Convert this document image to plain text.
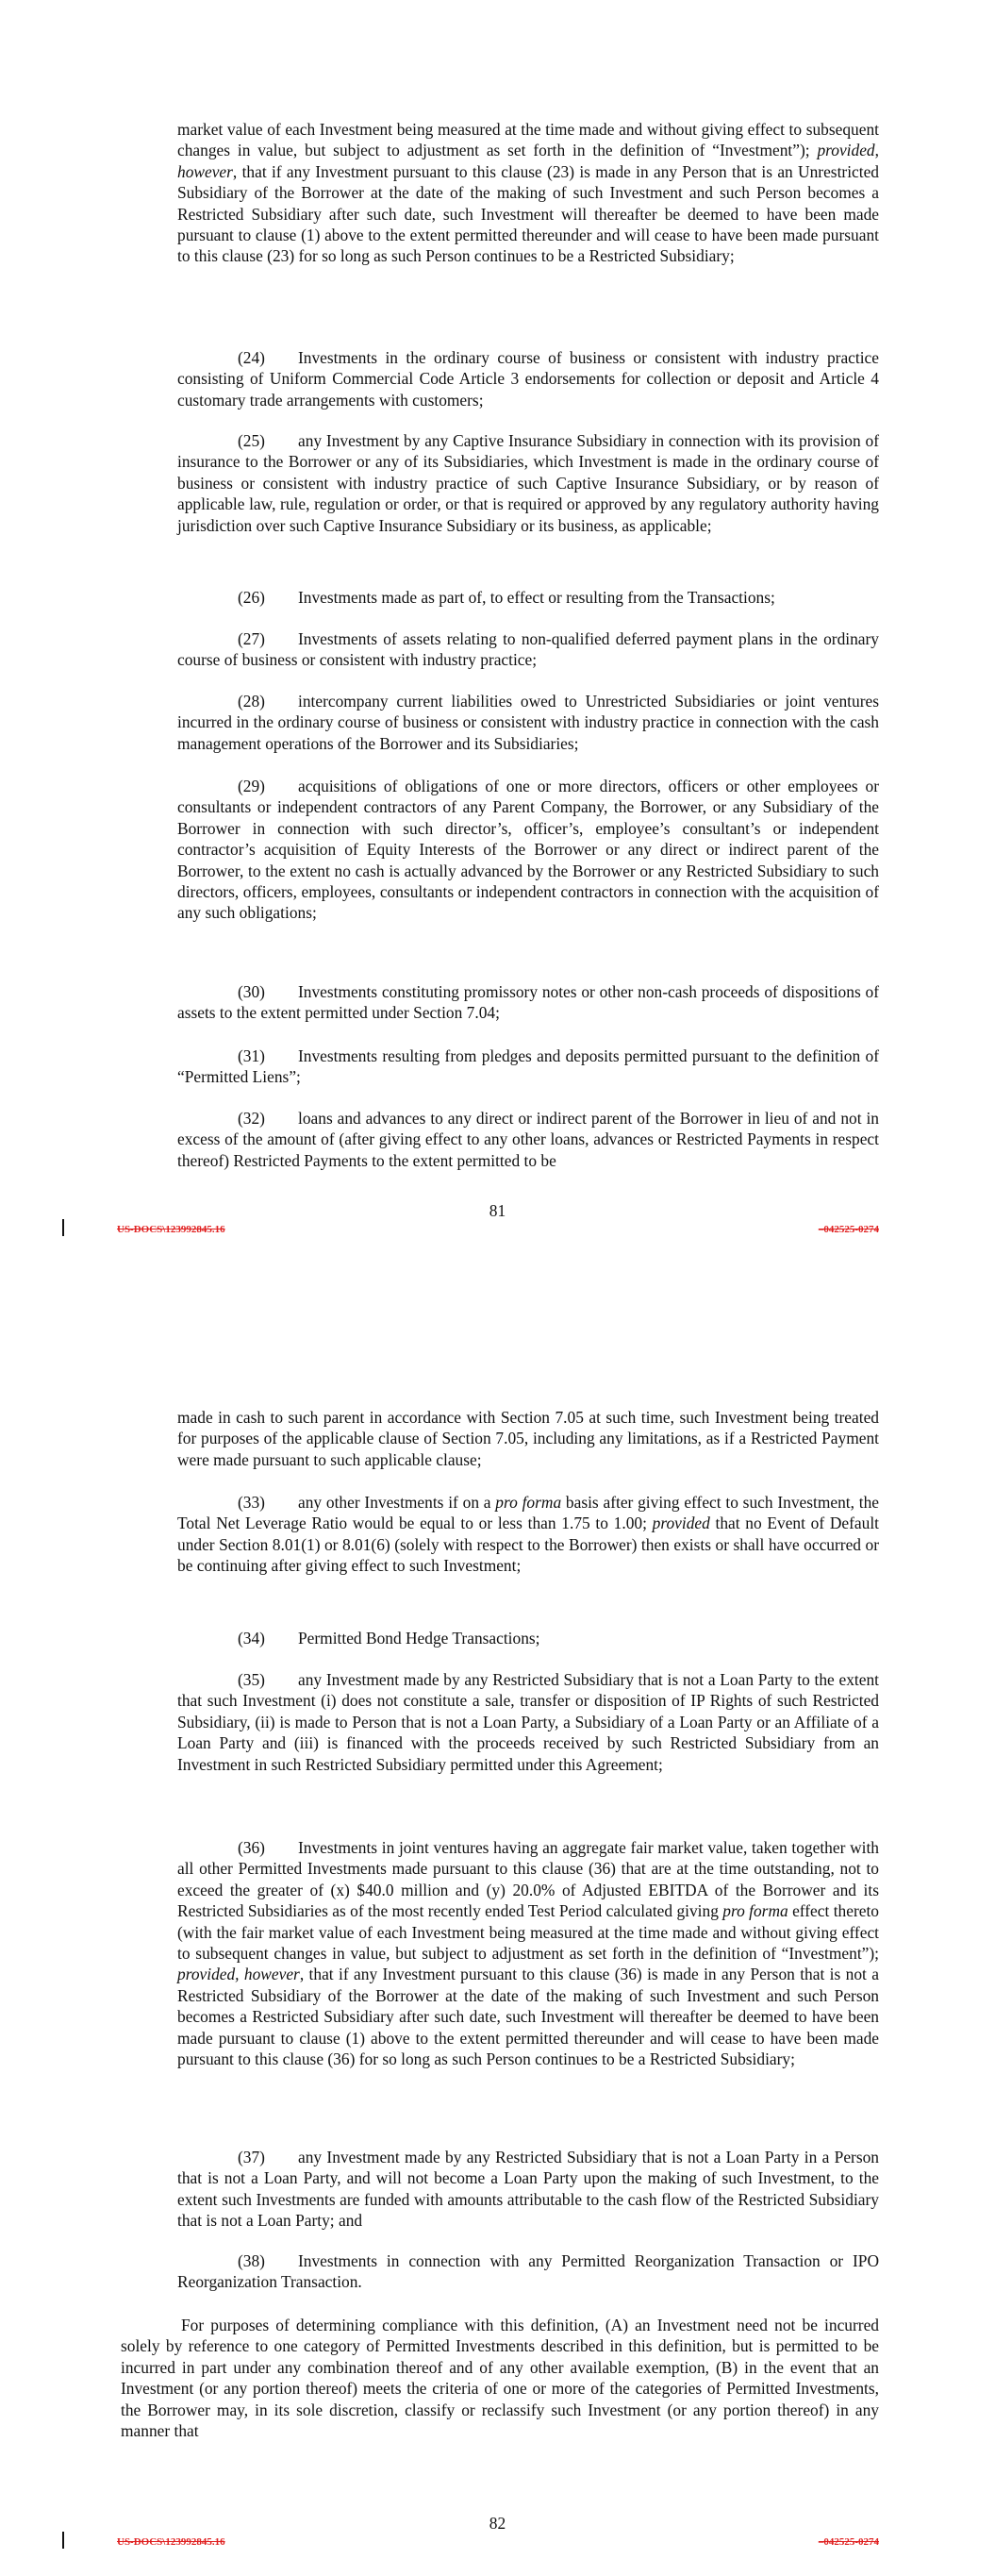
market value of each Investment being measured at the time made and without giving effect to subsequent changes in value, but subject to adjustment as set forth in the definition of “Investment”); provided, however, that if any Investment pursuant to this clause (23) is made in any Person that is an Unrestricted Subsidiary of the Borrower at the date of the making of such Investment and such Person becomes a Restricted Subsidiary after such date, such Investment will thereafter be deemed to have been made pursuant to clause (1) above to the extent permitted thereunder and will cease to have been made pursuant to this clause (23) for so long as such Person continues to be a Restricted Subsidiary;

(24) Investments in the ordinary course of business or consistent with industry practice consisting of Uniform Commercial Code Article 3 endorsements for collection or deposit and Article 4 customary trade arrangements with customers;

(25) any Investment by any Captive Insurance Subsidiary in connection with its provision of insurance to the Borrower or any of its Subsidiaries, which Investment is made in the ordinary course of business or consistent with industry practice of such Captive Insurance Subsidiary, or by reason of applicable law, rule, regulation or order, or that is required or approved by any regulatory authority having jurisdiction over such Captive Insurance Subsidiary or its business, as applicable;

(26) Investments made as part of, to effect or resulting from the Transactions;

(27) Investments of assets relating to non-qualified deferred payment plans in the ordinary course of business or consistent with industry practice;

(28) intercompany current liabilities owed to Unrestricted Subsidiaries or joint ventures incurred in the ordinary course of business or consistent with industry practice in connection with the cash management operations of the Borrower and its Subsidiaries;

(29) acquisitions of obligations of one or more directors, officers or other employees or consultants or independent contractors of any Parent Company, the Borrower, or any Subsidiary of the Borrower in connection with such director’s, officer’s, employee’s consultant’s or independent contractor’s acquisition of Equity Interests of the Borrower or any direct or indirect parent of the Borrower, to the extent no cash is actually advanced by the Borrower or any Restricted Subsidiary to such directors, officers, employees, consultants or independent contractors in connection with the acquisition of any such obligations;

(30) Investments constituting promissory notes or other non-cash proceeds of dispositions of assets to the extent permitted under Section 7.04;

(31) Investments resulting from pledges and deposits permitted pursuant to the definition of “Permitted Liens”;

(32) loans and advances to any direct or indirect parent of the Borrower in lieu of and not in excess of the amount of (after giving effect to any other loans, advances or Restricted Payments in respect thereof) Restricted Payments to the extent permitted to be

81
US-DOCS\123992845.16	–042525-0274

made in cash to such parent in accordance with Section 7.05 at such time, such Investment being treated for purposes of the applicable clause of Section 7.05, including any limitations, as if a Restricted Payment were made pursuant to such applicable clause;

(33) any other Investments if on a pro forma basis after giving effect to such Investment, the Total Net Leverage Ratio would be equal to or less than 1.75 to 1.00; provided that no Event of Default under Section 8.01(1) or 8.01(6) (solely with respect to the Borrower) then exists or shall have occurred or be continuing after giving effect to such Investment;

(34) Permitted Bond Hedge Transactions;

(35) any Investment made by any Restricted Subsidiary that is not a Loan Party to the extent that such Investment (i) does not constitute a sale, transfer or disposition of IP Rights of such Restricted Subsidiary, (ii) is made to Person that is not a Loan Party, a Subsidiary of a Loan Party or an Affiliate of a Loan Party and (iii) is financed with the proceeds received by such Restricted Subsidiary from an Investment in such Restricted Subsidiary permitted under this Agreement;

(36) Investments in joint ventures having an aggregate fair market value, taken together with all other Permitted Investments made pursuant to this clause (36) that are at the time outstanding, not to exceed the greater of (x) $40.0 million and (y) 20.0% of Adjusted EBITDA of the Borrower and its Restricted Subsidiaries as of the most recently ended Test Period calculated giving pro forma effect thereto (with the fair market value of each Investment being measured at the time made and without giving effect to subsequent changes in value, but subject to adjustment as set forth in the definition of “Investment”); provided, however, that if any Investment pursuant to this clause (36) is made in any Person that is not a Restricted Subsidiary of the Borrower at the date of the making of such Investment and such Person becomes a Restricted Subsidiary after such date, such Investment will thereafter be deemed to have been made pursuant to clause (1) above to the extent permitted thereunder and will cease to have been made pursuant to this clause (36) for so long as such Person continues to be a Restricted Subsidiary;

(37) any Investment made by any Restricted Subsidiary that is not a Loan Party in a Person that is not a Loan Party, and will not become a Loan Party upon the making of such Investment, to the extent such Investments are funded with amounts attributable to the cash flow of the Restricted Subsidiary that is not a Loan Party; and

(38) Investments in connection with any Permitted Reorganization Transaction or IPO Reorganization Transaction.

For purposes of determining compliance with this definition, (A) an Investment need not be incurred solely by reference to one category of Permitted Investments described in this definition, but is permitted to be incurred in part under any combination thereof and of any other available exemption, (B) in the event that an Investment (or any portion thereof) meets the criteria of one or more of the categories of Permitted Investments, the Borrower may, in its sole discretion, classify or reclassify such Investment (or any portion thereof) in any manner that

82
US-DOCS\123992845.16	–042525-0274
